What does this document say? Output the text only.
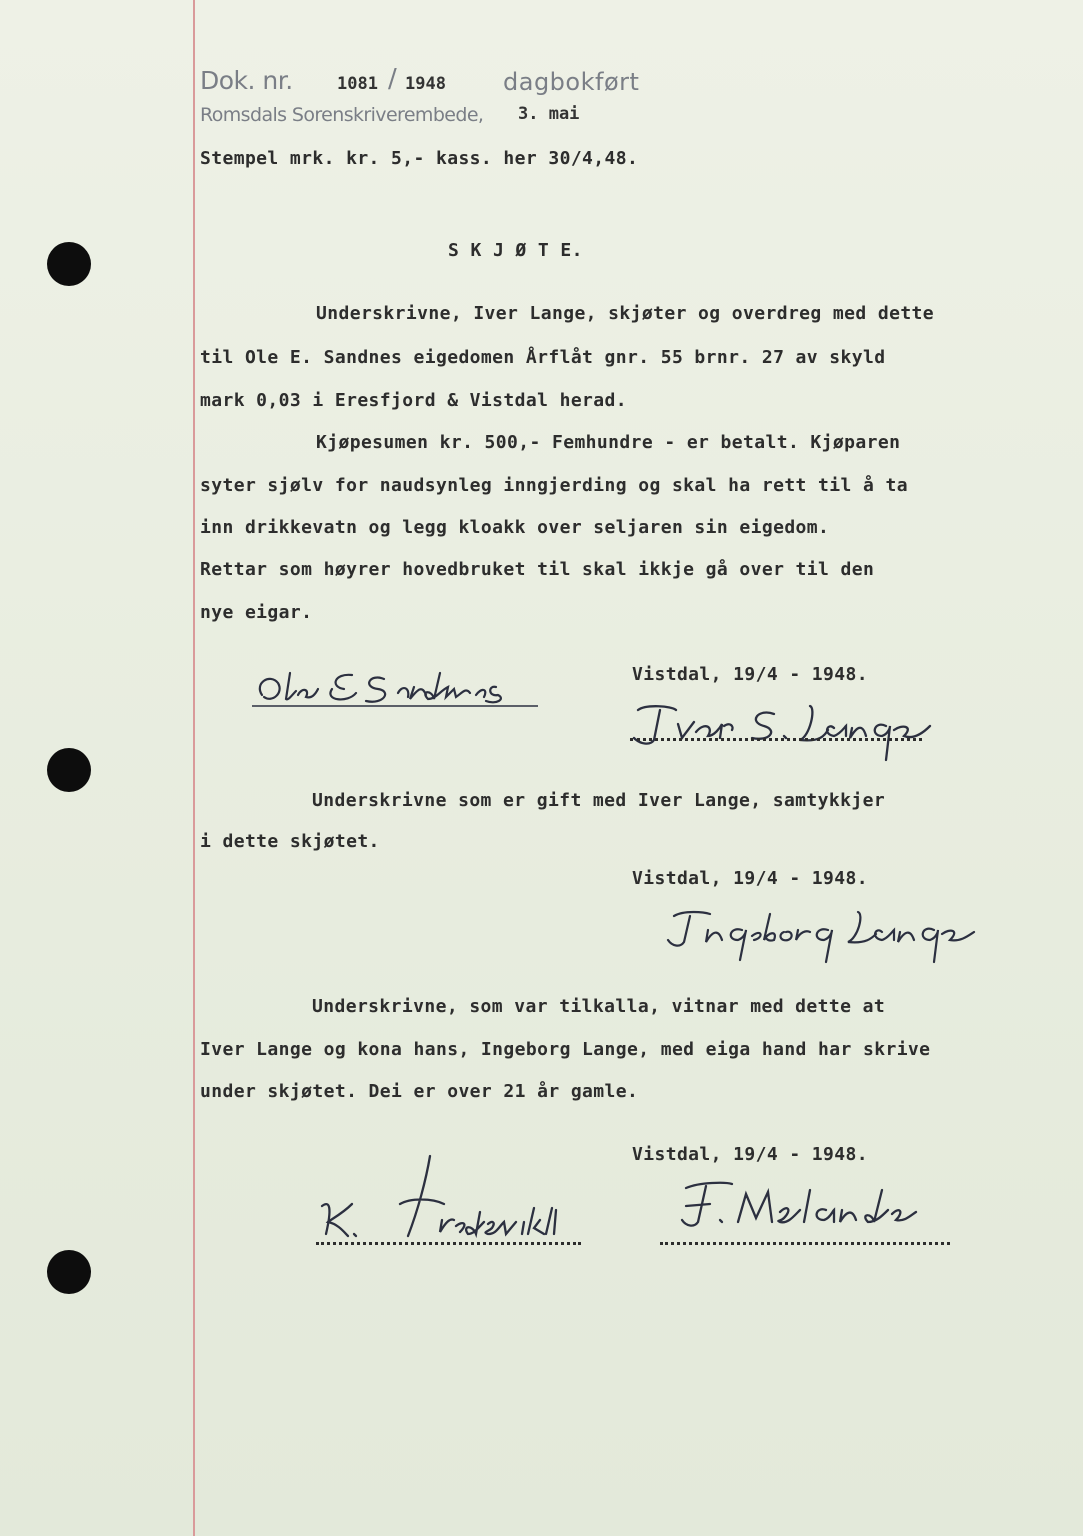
Dok. nr.	1081 / 1948 dagbokført
Romsdals Sorenskriverembede, 3. mai
Stempel mrk. kr. 5,- kass. her 30/4,48.
S K J Ø T E.
Underskrivne, Iver Lange, skjøter og overdreg med dette
til Ole E. Sandnes eigedomen Årflåt gnr. 55 brnr. 27 av skyld
mark 0,03 i Eresfjord & Vistdal herad.
Kjøpesumen kr. 500,- Femhundre - er betalt. Kjøparen
syter sjølv for naudsynleg inngjerding og skal ha rett til å ta
inn drikkevatn og legg kloakk over seljaren sin eigedom.
Rettar som høyrer hovedbruket til skal ikkje gå over til den
nye eigar.
Vistdal, 19/4 - 1948.
Underskrivne som er gift med Iver Lange, samtykkjer
i dette skjøtet.
Vistdal, 19/4 - 1948.
Underskrivne, som var tilkalla, vitnar med dette at
Iver Lange og kona hans, Ingeborg Lange, med eiga hand har skrive
under skjøtet. Dei er over 21 år gamle.
Vistdal, 19/4 - 1948.
